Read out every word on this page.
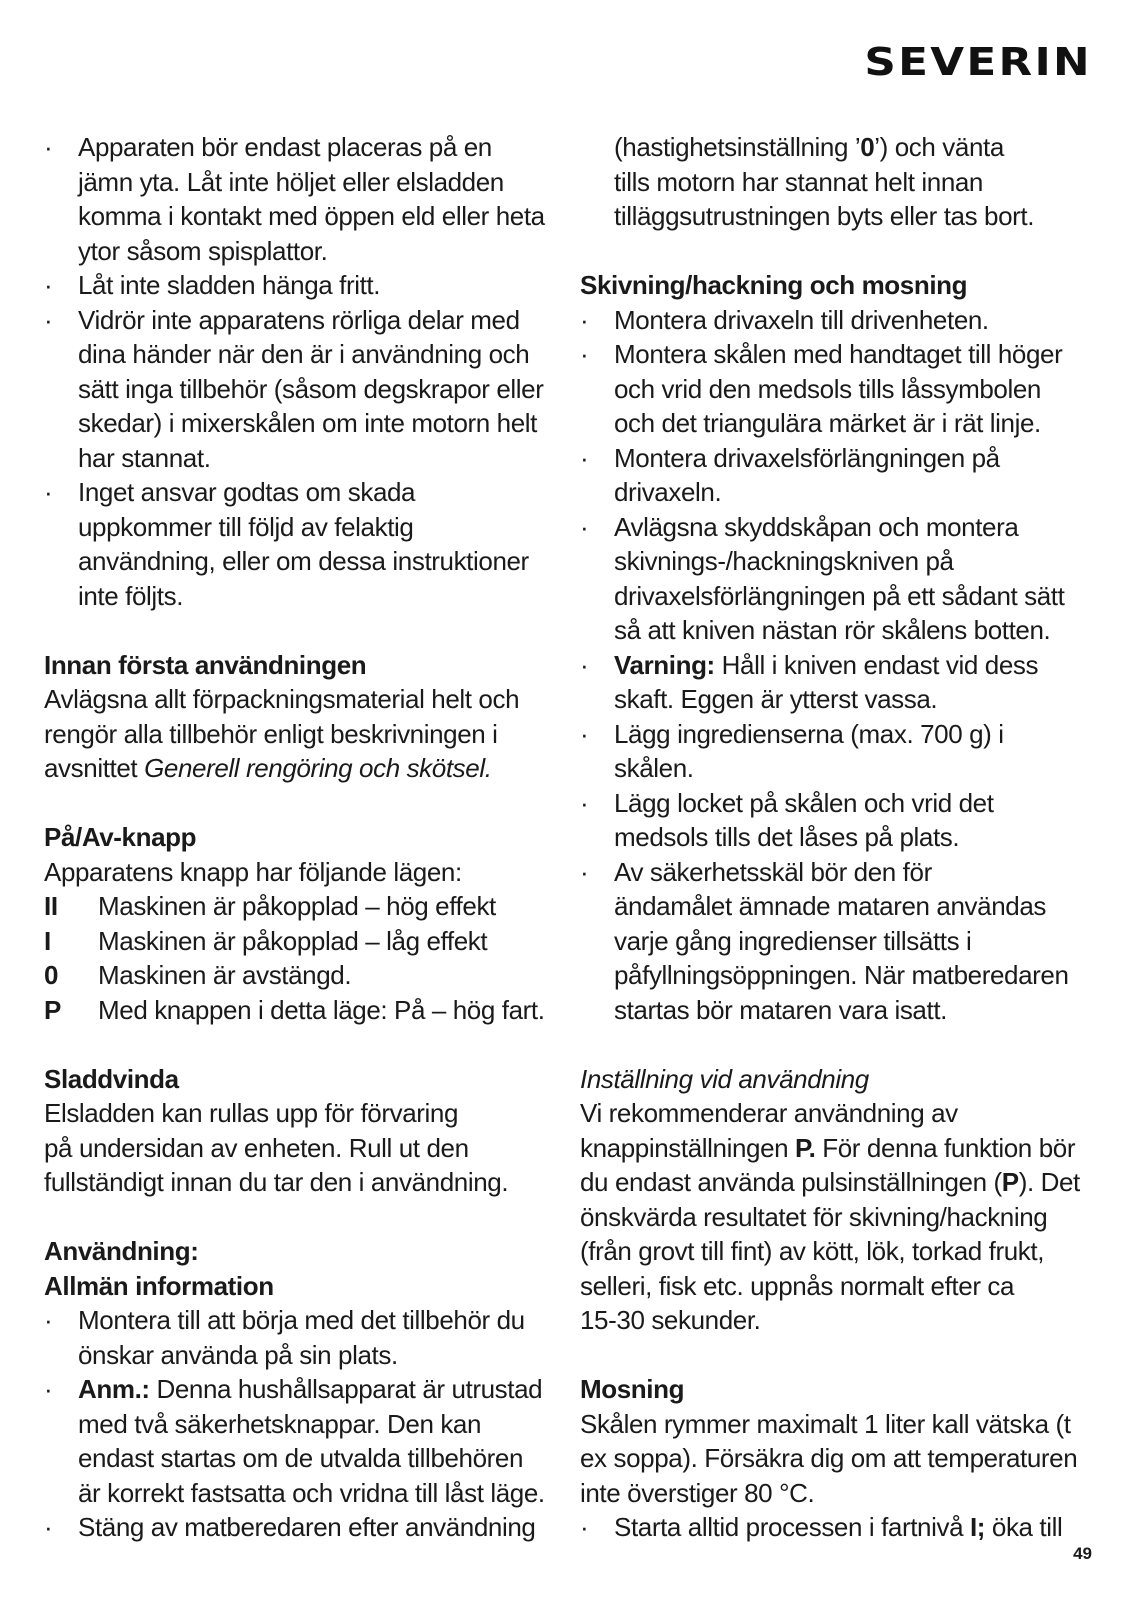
SEVERIN
· Apparaten bör endast placeras på en

jämn yta. Låt inte höljet eller elsladden

komma i kontakt med öppen eld eller heta

ytor såsom spisplattor.

· Låt inte sladden hänga fritt.

· Vidrör inte apparatens rörliga delar med

dina händer när den är i användning och

sätt inga tillbehör (såsom degskrapor eller

skedar) i mixerskålen om inte motorn helt

har stannat.

· Inget ansvar godtas om skada

uppkommer till följd av felaktig

användning, eller om dessa instruktioner

inte följts.

Innan första användningen

Avlägsna allt förpackningsmaterial helt och

rengör alla tillbehör enligt beskrivningen i

avsnittet Generell rengöring och skötsel.

På/Av-knapp

Apparatens knapp har följande lägen:

II	Maskinen är påkopplad – hög effekt
I	Maskinen är påkopplad – låg effekt
0	Maskinen är avstängd.
P	Med knappen i detta läge: På – hög fart.

Sladdvinda

Elsladden kan rullas upp för förvaring

på undersidan av enheten. Rull ut den

fullständigt innan du tar den i användning.

Användning:

Allmän information

· Montera till att börja med det tillbehör du

önskar använda på sin plats.

· Anm.: Denna hushållsapparat är utrustad

med två säkerhetsknappar. Den kan

endast startas om de utvalda tillbehören

är korrekt fastsatta och vridna till låst läge.

· Stäng av matberedaren efter användning

(hastighetsinställning ’0’) och vänta

tills motorn har stannat helt innan

tilläggsutrustningen byts eller tas bort.

Skivning/hackning och mosning

· Montera drivaxeln till drivenheten.

· Montera skålen med handtaget till höger

och vrid den medsols tills låssymbolen

och det triangulära märket är i rät linje.

· Montera drivaxelsförlängningen på

drivaxeln.

· Avlägsna skyddskåpan och montera

skivnings-/hackningskniven på

drivaxelsförlängningen på ett sådant sätt

så att kniven nästan rör skålens botten.

· Varning: Håll i kniven endast vid dess

skaft. Eggen är ytterst vassa.

· Lägg ingredienserna (max. 700 g) i

skålen.

· Lägg locket på skålen och vrid det

medsols tills det låses på plats.

· Av säkerhetsskäl bör den för

ändamålet ämnade mataren användas

varje gång ingredienser tillsätts i

påfyllningsöppningen. När matberedaren

startas bör mataren vara isatt.

Inställning vid användning

Vi rekommenderar användning av

knappinställningen P. För denna funktion bör

du endast använda pulsinställningen (P). Det

önskvärda resultatet för skivning/hackning

(från grovt till fint) av kött, lök, torkad frukt,

selleri, fisk etc. uppnås normalt efter ca

15-30 sekunder.

Mosning

Skålen rymmer maximalt 1 liter kall vätska (t

ex soppa). Försäkra dig om att temperaturen

inte överstiger 80 °C.

· Starta alltid processen i fartnivå I; öka till

49
